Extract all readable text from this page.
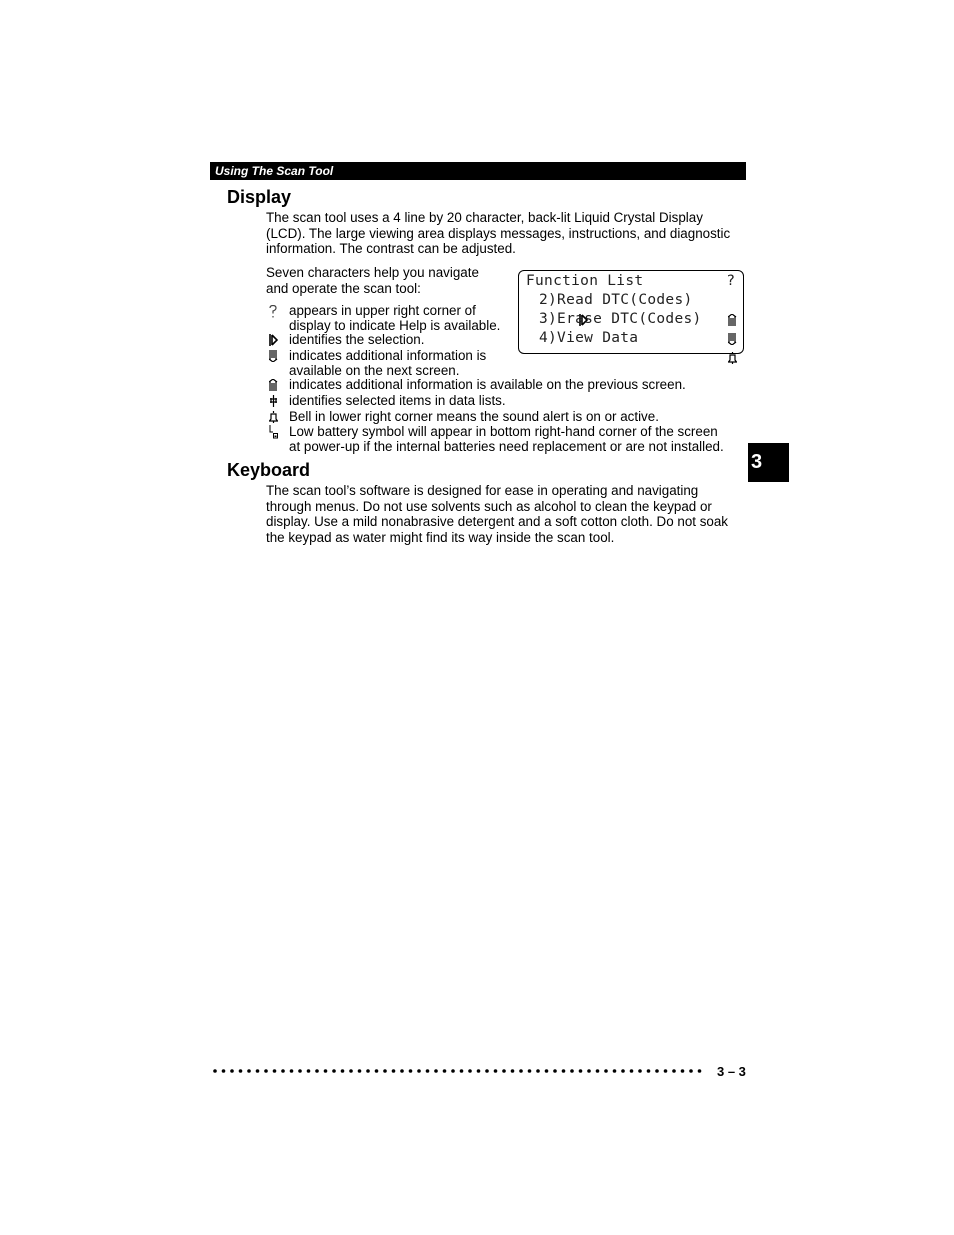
Using The Scan Tool
Display

The scan tool uses a 4 line by 20 character, back-lit Liquid Crystal Display (LCD). The large viewing area displays messages, instructions, and diagnostic information. The contrast can be adjusted.

Seven characters help you navigate
and operate the scan tool:

	Function List

	?

2)Read DTC(Codes)

3)Erase DTC(Codes)

4)View Data

appears in upper right corner of
display to indicate Help is available.
identifies the selection.
indicates additional information is
available on the next screen.
indicates additional information is available on the previous screen.
identifies selected items in data lists.
Bell in lower right corner means the sound alert is on or active.
Low battery symbol will appear in bottom right-hand corner of the screen
at power-up if the internal batteries need replacement or are not installed.
Keyboard

The scan tool’s software is designed for ease in operating and navigating through menus. Do not use solvents such as alcohol to clean the keypad or display. Use a mild nonabrasive detergent and a soft cotton cloth. Do not soak the keypad as water might find its way inside the scan tool.

3
3 – 3
